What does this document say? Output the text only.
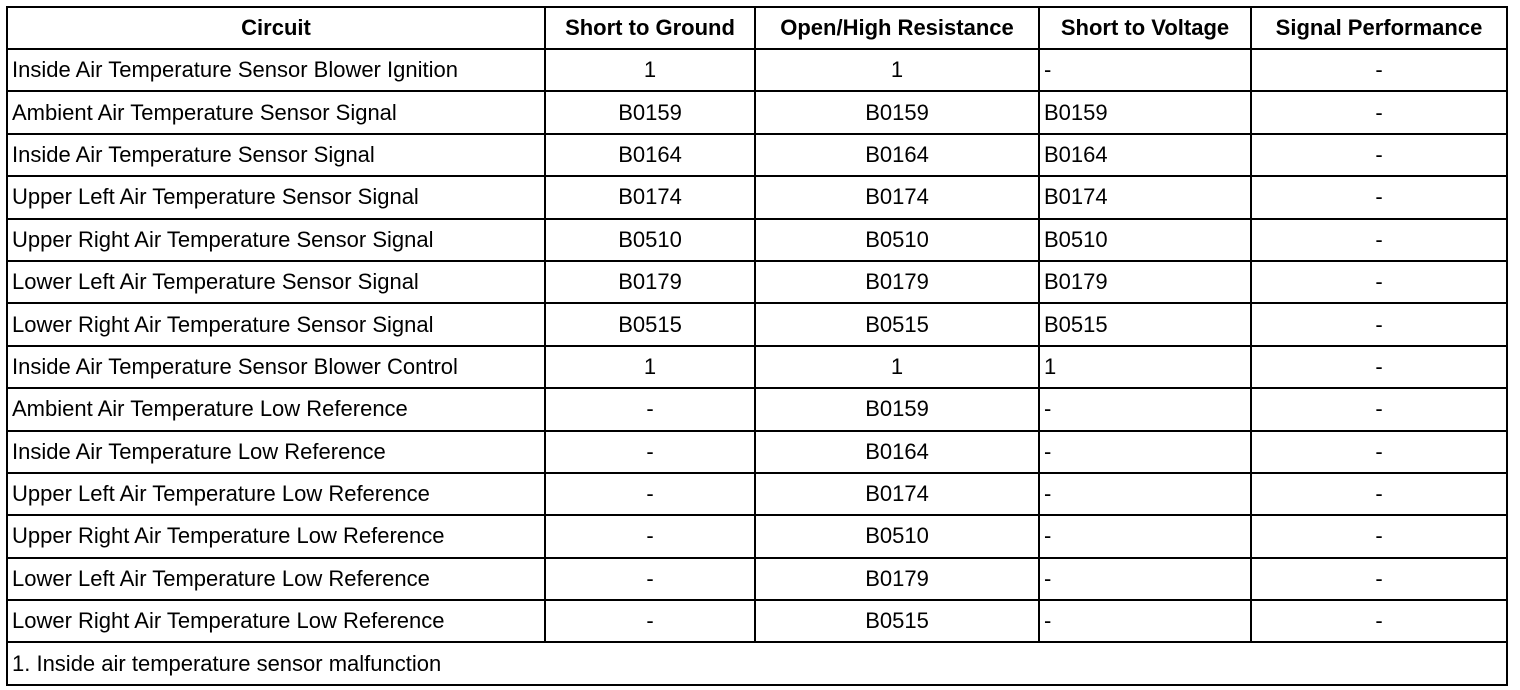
Circuit	Short to Ground	Open/High Resistance	Short to Voltage	Signal Performance
Inside Air Temperature Sensor Blower Ignition	1	1	-	-
Ambient Air Temperature Sensor Signal	B0159	B0159	B0159	-
Inside Air Temperature Sensor Signal	B0164	B0164	B0164	-
Upper Left Air Temperature Sensor Signal	B0174	B0174	B0174	-
Upper Right Air Temperature Sensor Signal	B0510	B0510	B0510	-
Lower Left Air Temperature Sensor Signal	B0179	B0179	B0179	-
Lower Right Air Temperature Sensor Signal	B0515	B0515	B0515	-
Inside Air Temperature Sensor Blower Control	1	1	1	-
Ambient Air Temperature Low Reference	-	B0159	-	-
Inside Air Temperature Low Reference	-	B0164	-	-
Upper Left Air Temperature Low Reference	-	B0174	-	-
Upper Right Air Temperature Low Reference	-	B0510	-	-
Lower Left Air Temperature Low Reference	-	B0179	-	-
Lower Right Air Temperature Low Reference	-	B0515	-	-
1. Inside air temperature sensor malfunction				
